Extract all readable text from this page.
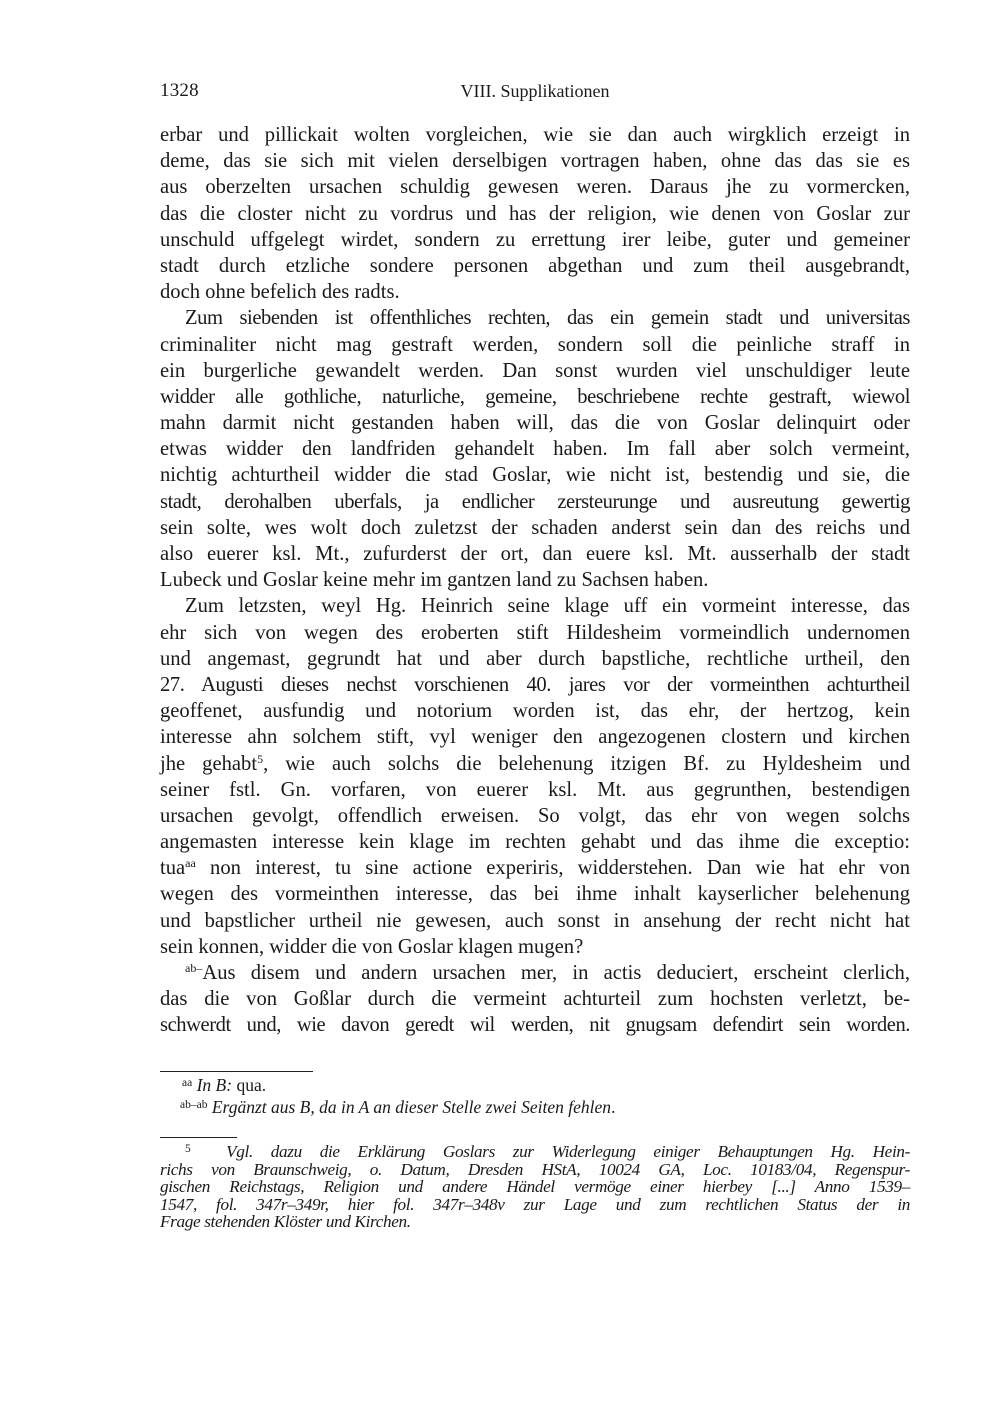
1328	VIII. Supplikationen
erbar und pillickait wolten vorgleichen, wie sie dan auch wirgklich erzeigt in
deme, das sie sich mit vielen derselbigen vortragen haben, ohne das das sie es
aus oberzelten ursachen schuldig gewesen weren. Daraus jhe zu vormercken,
das die closter nicht zu vordrus und has der religion, wie denen von Goslar zur
unschuld uffgelegt wirdet, sondern zu errettung irer leibe, guter und gemeiner
stadt durch etzliche sondere personen abgethan und zum theil ausgebrandt,
doch ohne befelich des radts.
Zum siebenden ist offenthliches rechten, das ein gemein stadt und universitas
criminaliter nicht mag gestraft werden, sondern soll die peinliche straff in
ein burgerliche gewandelt werden. Dan sonst wurden viel unschuldiger leute
widder alle gothliche, naturliche, gemeine, beschriebene rechte gestraft, wiewol
mahn darmit nicht gestanden haben will, das die von Goslar delinquirt oder
etwas widder den landfriden gehandelt haben. Im fall aber solch vermeint,
nichtig achturtheil widder die stad Goslar, wie nicht ist, bestendig und sie, die
stadt, derohalben uberfals, ja endlicher zersteurunge und ausreutung gewertig
sein solte, wes wolt doch zuletzst der schaden anderst sein dan des reichs und
also euerer ksl. Mt., zufurderst der ort, dan euere ksl. Mt. ausserhalb der stadt
Lubeck und Goslar keine mehr im gantzen land zu Sachsen haben.
Zum letzsten, weyl Hg. Heinrich seine klage uff ein vormeint interesse, das
ehr sich von wegen des eroberten stift Hildesheim vormeindlich undernomen
und angemast, gegrundt hat und aber durch bapstliche, rechtliche urtheil, den
27. Augusti dieses nechst vorschienen 40. jares vor der vormeinthen achturtheil
geoffenet, ausfundig und notorium worden ist, das ehr, der hertzog, kein
interesse ahn solchem stift, vyl weniger den angezogenen clostern und kirchen
jhe gehabt$^5$, wie auch solchs die belehenung itzigen Bf. zu Hyldesheim und
seiner fstl. Gn. vorfaren, von euerer ksl. Mt. aus gegrunthen, bestendigen
ursachen gevolgt, offendlich erweisen. So volgt, das ehr von wegen solchs
angemasten interesse kein klage im rechten gehabt und das ihme die exceptio:
tua$^{aa}$ non interest, tu sine actione experiris, widderstehen. Dan wie hat ehr von
wegen des vormeinthen interesse, das bei ihme inhalt kayserlicher belehenung
und bapstlicher urtheil nie gewesen, auch sonst in ansehung der recht nicht hat
sein konnen, widder die von Goslar klagen mugen?
$^{ab-}$Aus disem und andern ursachen mer, in actis deduciert, erscheint clerlich,
das die von Goßlar durch die vermeint achturteil zum hochsten verletzt, be-
schwerdt und, wie davon geredt wil werden, nit gnugsam defendirt sein worden.
$^{aa}$ In B: qua.
$^{ab-ab}$ Ergänzt aus B, da in A an dieser Stelle zwei Seiten fehlen.
$^5$ Vgl. dazu die Erklärung Goslars zur Widerlegung einiger Behauptungen Hg. Hein-
richs von Braunschweig, o. Datum, Dresden HStA, 10024 GA, Loc. 10183/04, Regenspur-
gischen Reichstags, Religion und andere Händel vermöge einer hierbey [...] Anno 1539–
1547, fol. 347r–349r, hier fol. 347r–348v zur Lage und zum rechtlichen Status der in
Frage stehenden Klöster und Kirchen.
